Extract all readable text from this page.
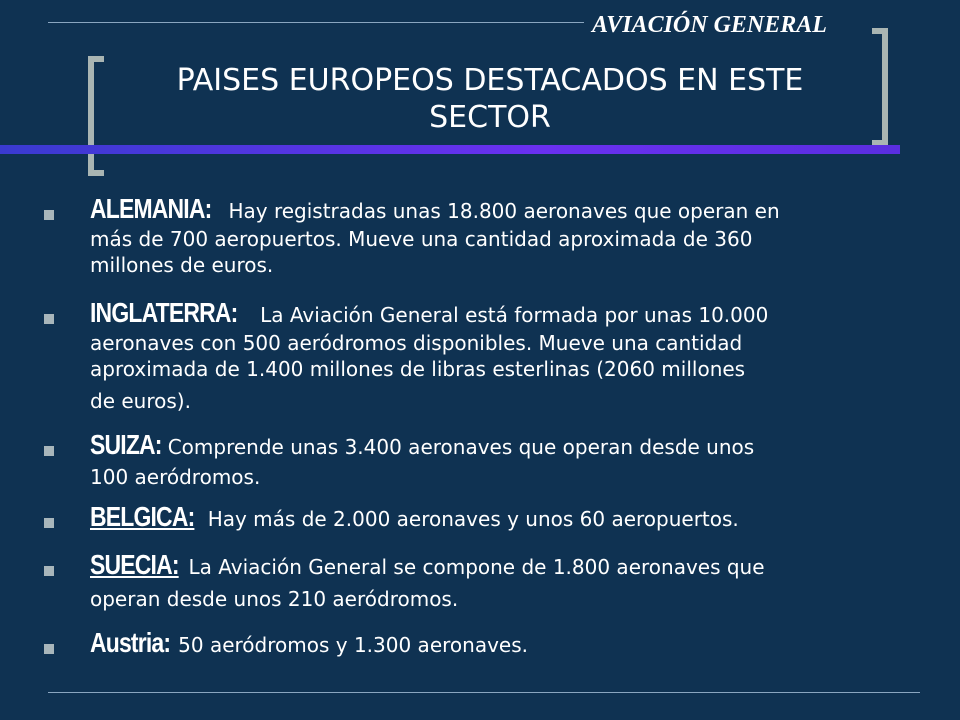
AVIACIÓN GENERAL
PAISES EUROPEOS DESTACADOS EN ESTE
SECTOR
ALEMANIA: Hay registradas unas 18.800 aeronaves que operan en
más de 700 aeropuertos. Mueve una cantidad aproximada de 360
millones de euros.
INGLATERRA: La Aviación General está formada por unas 10.000
aeronaves con 500 aeródromos disponibles. Mueve una cantidad
aproximada de 1.400 millones de libras esterlinas (2060 millones
de euros).
SUIZA: Comprende unas 3.400 aeronaves que operan desde unos
100 aeródromos.
BELGICA: Hay más de 2.000 aeronaves y unos 60 aeropuertos.
SUECIA: La Aviación General se compone de 1.800 aeronaves que
operan desde unos 210 aeródromos.
Austria: 50 aeródromos y 1.300 aeronaves.
